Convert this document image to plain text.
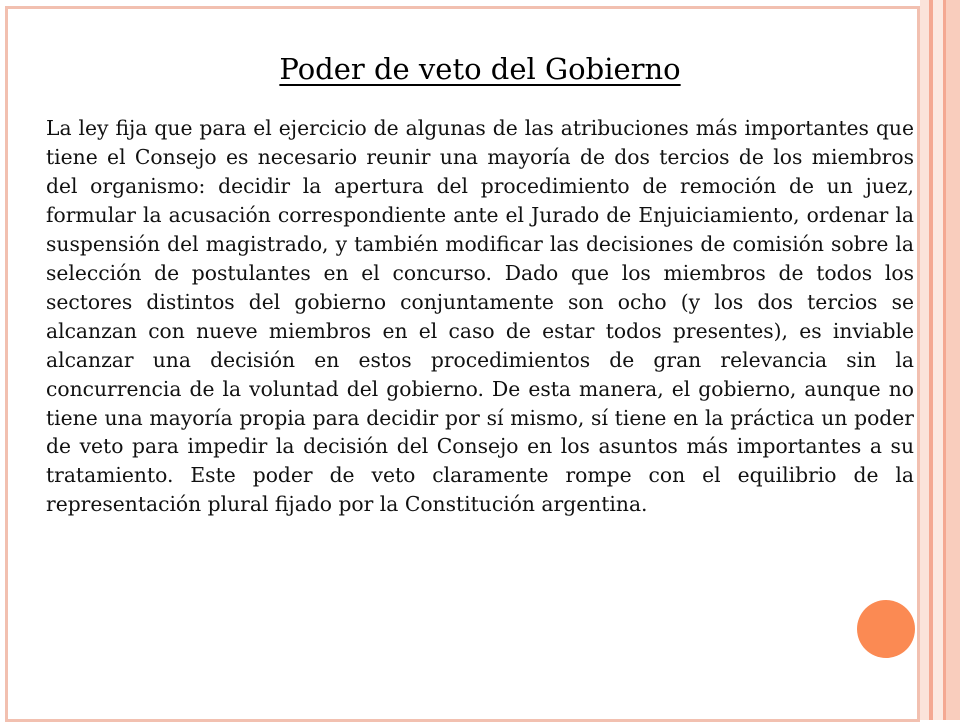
Poder de veto del Gobierno

La ley fija que para el ejercicio de algunas de las atribuciones más importantes que tiene el Consejo es necesario reunir una mayoría de dos tercios de los miembros del organismo: decidir la apertura del procedimiento de remoción de un juez, formular la acusación correspondiente ante el Jurado de Enjuiciamiento, ordenar la suspensión del magistrado, y también modificar las decisiones de comisión sobre la selección de postulantes en el concurso. Dado que los miembros de todos los sectores distintos del gobierno conjuntamente son ocho (y los dos tercios se alcanzan con nueve miembros en el caso de estar todos presentes), es inviable alcanzar una decisión en estos procedimientos de gran relevancia sin la concurrencia de la voluntad del gobierno. De esta manera, el gobierno, aunque no tiene una mayoría propia para decidir por sí mismo, sí tiene en la práctica un poder de veto para impedir la decisión del Consejo en los asuntos más importantes a su tratamiento. Este poder de veto claramente rompe con el equilibrio de la representación plural fijado por la Constitución argentina.
